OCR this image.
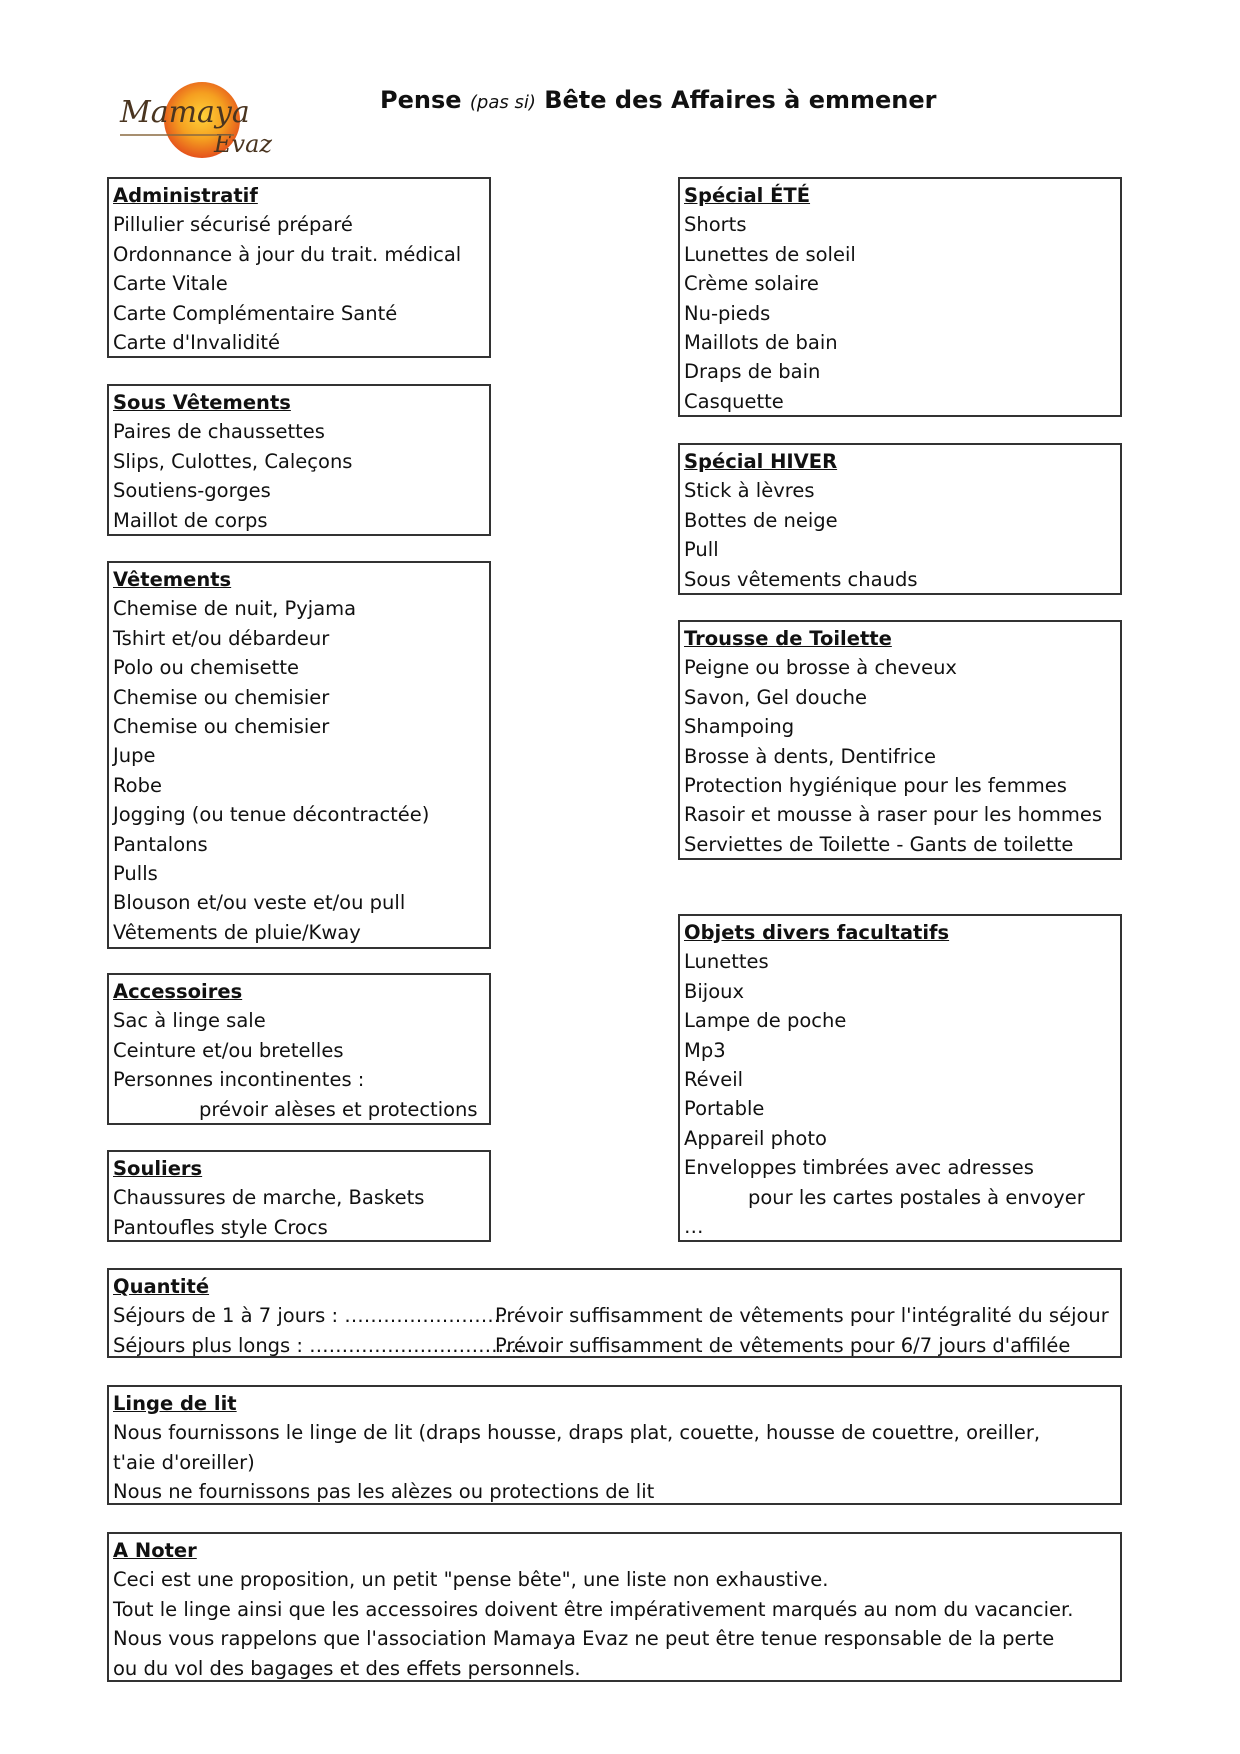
Mamaya
Evaz
Pense (pas si) Bête des Affaires à emmener
Administratif
Pillulier sécurisé préparé
Ordonnance à jour du trait. médical
Carte Vitale
Carte Complémentaire Santé
Carte d'Invalidité
Sous Vêtements
Paires de chaussettes
Slips, Culottes, Caleçons
Soutiens-gorges
Maillot de corps
Vêtements
Chemise de nuit, Pyjama
Tshirt et/ou débardeur
Polo ou chemisette
Chemise ou chemisier
Chemise ou chemisier
Jupe
Robe
Jogging (ou tenue décontractée)
Pantalons
Pulls
Blouson et/ou veste et/ou pull
Vêtements de pluie/Kway
Accessoires
Sac à linge sale
Ceinture et/ou bretelles
Personnes incontinentes :
prévoir alèses et protections
Souliers
Chaussures de marche, Baskets
Pantoufles style Crocs
Spécial ÉTÉ
Shorts
Lunettes de soleil
Crème solaire
Nu-pieds
Maillots de bain
Draps de bain
Casquette
Spécial HIVER
Stick à lèvres
Bottes de neige
Pull
Sous vêtements chauds
Trousse de Toilette
Peigne ou brosse à cheveux
Savon, Gel douche
Shampoing
Brosse à dents, Dentifrice
Protection hygiénique pour les femmes
Rasoir et mousse à raser pour les hommes
Serviettes de Toilette - Gants de toilette
Objets divers facultatifs
Lunettes
Bijoux
Lampe de poche
Mp3
Réveil
Portable
Appareil photo
Enveloppes timbrées avec adresses
pour les cartes postales à envoyer
…
Quantité
Séjours de 1 à 7 jours : ……………………..
Prévoir suffisamment de vêtements pour l'intégralité du séjour
Séjours plus longs : ……………………………….
Prévoir suffisamment de vêtements pour 6/7 jours d'affilée
Linge de lit
Nous fournissons le linge de lit (draps housse, draps plat, couette, housse de couettre, oreiller,
t'aie d'oreiller)
Nous ne fournissons pas les alèzes ou protections de lit
A Noter
Ceci est une proposition, un petit "pense bête", une liste non exhaustive.
Tout le linge ainsi que les accessoires doivent être impérativement marqués au nom du vacancier.
Nous vous rappelons que l'association Mamaya Evaz ne peut être tenue responsable de la perte
ou du vol des bagages et des effets personnels.
